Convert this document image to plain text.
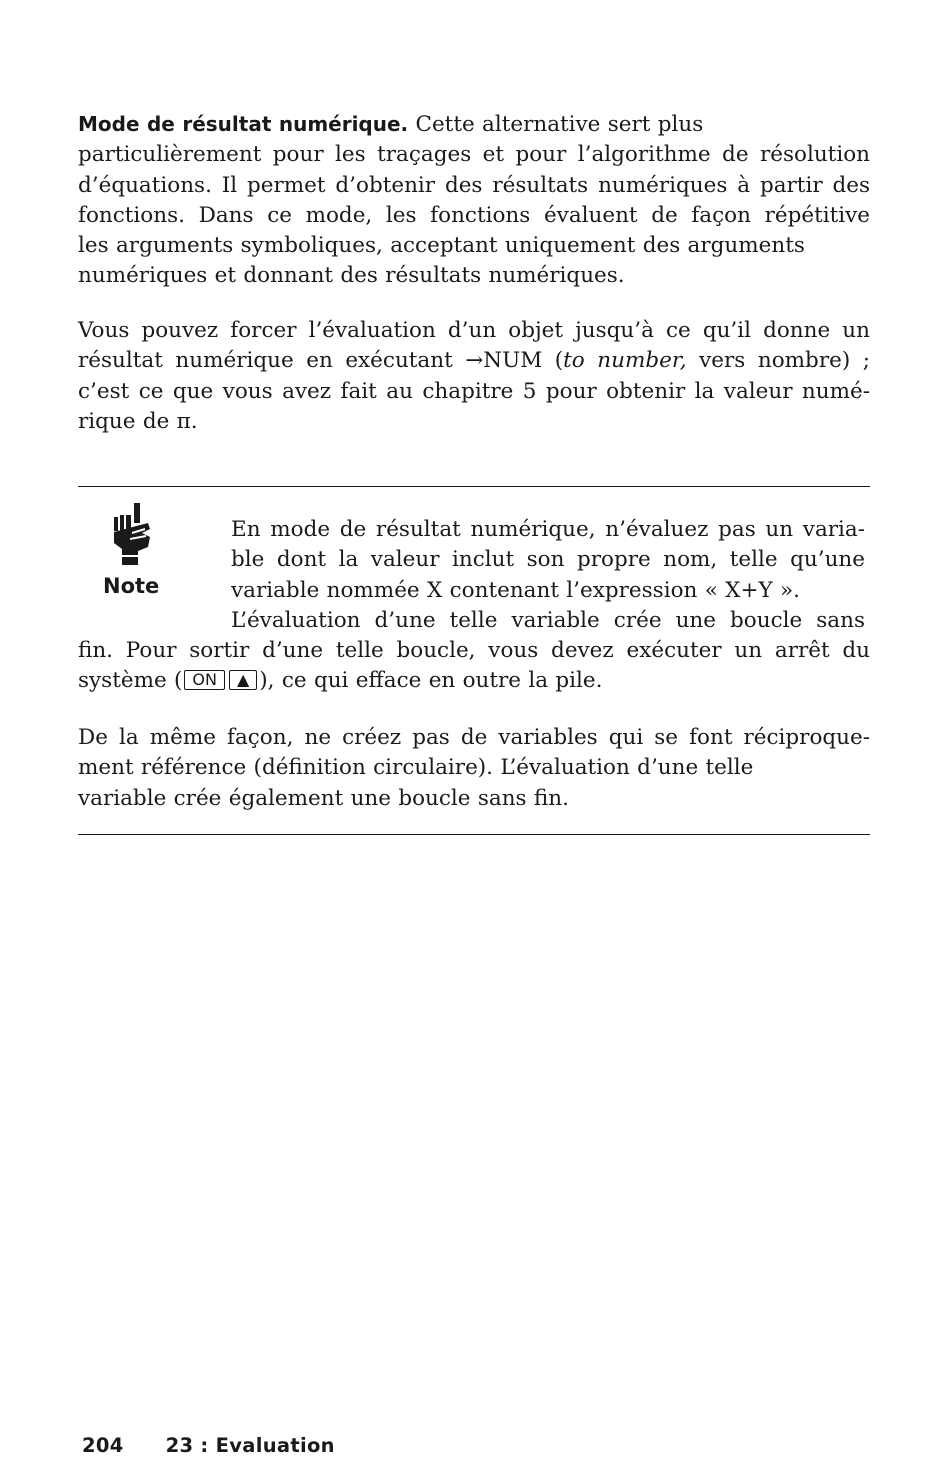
Mode de résultat numérique. Cette alternative sert plus
particulièrement pour les traçages et pour l’algorithme de résolution
d’équations. Il permet d’obtenir des résultats numériques à partir des
fonctions. Dans ce mode, les fonctions évaluent de façon répétitive
les arguments symboliques, acceptant uniquement des arguments
numériques et donnant des résultats numériques.
Vous pouvez forcer l’évaluation d’un objet jusqu’à ce qu’il donne un
résultat numérique en exécutant →NUM (to number, vers nombre) ;
c’est ce que vous avez fait au chapitre 5 pour obtenir la valeur numé-
rique de π.
Note
En mode de résultat numérique, n’évaluez pas un varia-
ble dont la valeur inclut son propre nom, telle qu’une
variable nommée X contenant l’expression « X+Y ».
L’évaluation d’une telle variable crée une boucle sans
fin. Pour sortir d’une telle boucle, vous devez exécuter un arrêt du
système ( ON ▲ ), ce qui efface en outre la pile.
De la même façon, ne créez pas de variables qui se font réciproque-
ment référence (définition circulaire). L’évaluation d’une telle
variable crée également une boucle sans fin.
204 23 : Evaluation
